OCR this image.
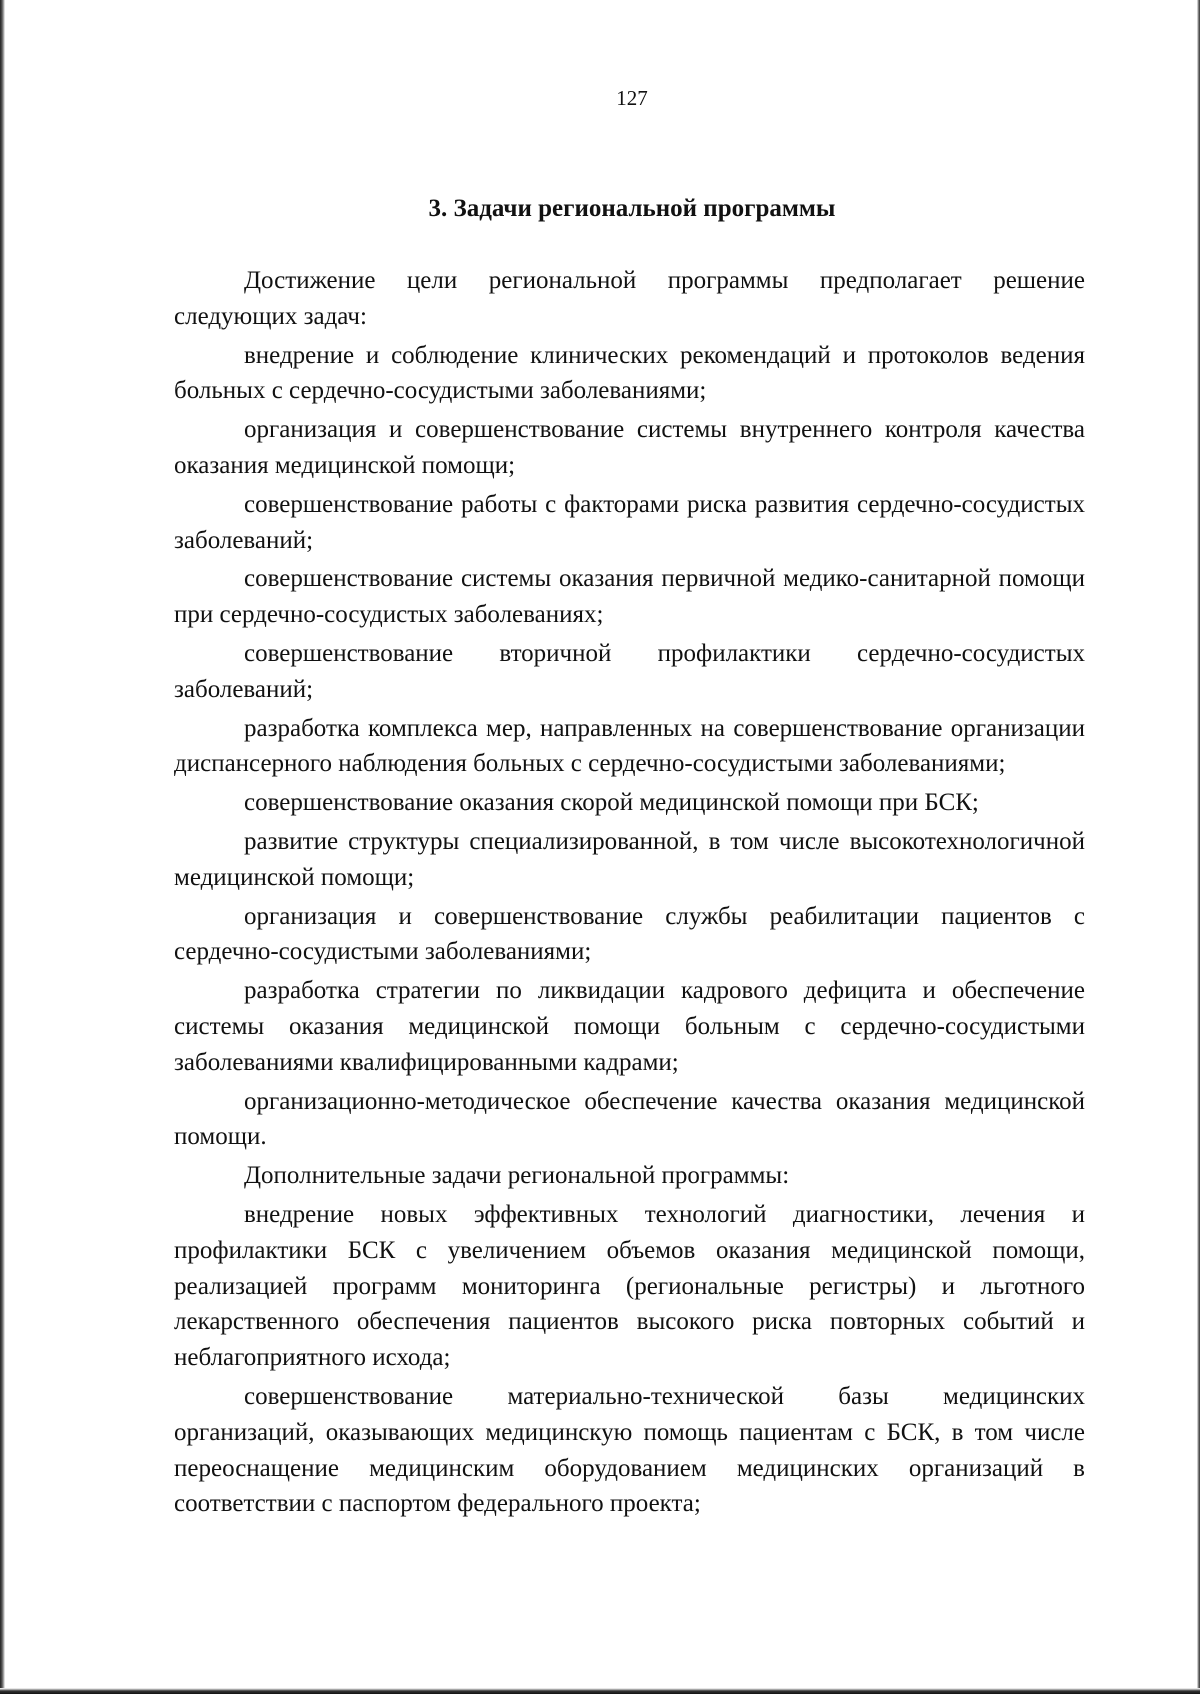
127
3. Задачи региональной программы

Достижение цели региональной программы предполагает решение следующих задач:

внедрение и соблюдение клинических рекомендаций и протоколов ведения больных с сердечно-сосудистыми заболеваниями;

организация и совершенствование системы внутреннего контроля качества оказания медицинской помощи;

совершенствование работы с факторами риска развития сердечно-сосудистых заболеваний;

совершенствование системы оказания первичной медико-санитарной помощи при сердечно-сосудистых заболеваниях;

совершенствование вторичной профилактики сердечно-сосудистых заболеваний;

разработка комплекса мер, направленных на совершенствование организации диспансерного наблюдения больных с сердечно-сосудистыми заболеваниями;

совершенствование оказания скорой медицинской помощи при БСК;

развитие структуры специализированной, в том числе высокотехнологичной медицинской помощи;

организация и совершенствование службы реабилитации пациентов с сердечно-сосудистыми заболеваниями;

разработка стратегии по ликвидации кадрового дефицита и обеспечение системы оказания медицинской помощи больным с сердечно-сосудистыми заболеваниями квалифицированными кадрами;

организационно-методическое обеспечение качества оказания медицинской помощи.

Дополнительные задачи региональной программы:

внедрение новых эффективных технологий диагностики, лечения и профилактики БСК с увеличением объемов оказания медицинской помощи, реализацией программ мониторинга (региональные регистры) и льготного лекарственного обеспечения пациентов высокого риска повторных событий и неблагоприятного исхода;

совершенствование материально-технической базы медицинских организаций, оказывающих медицинскую помощь пациентам с БСК, в том числе переоснащение медицинским оборудованием медицинских организаций в соответствии с паспортом федерального проекта;
